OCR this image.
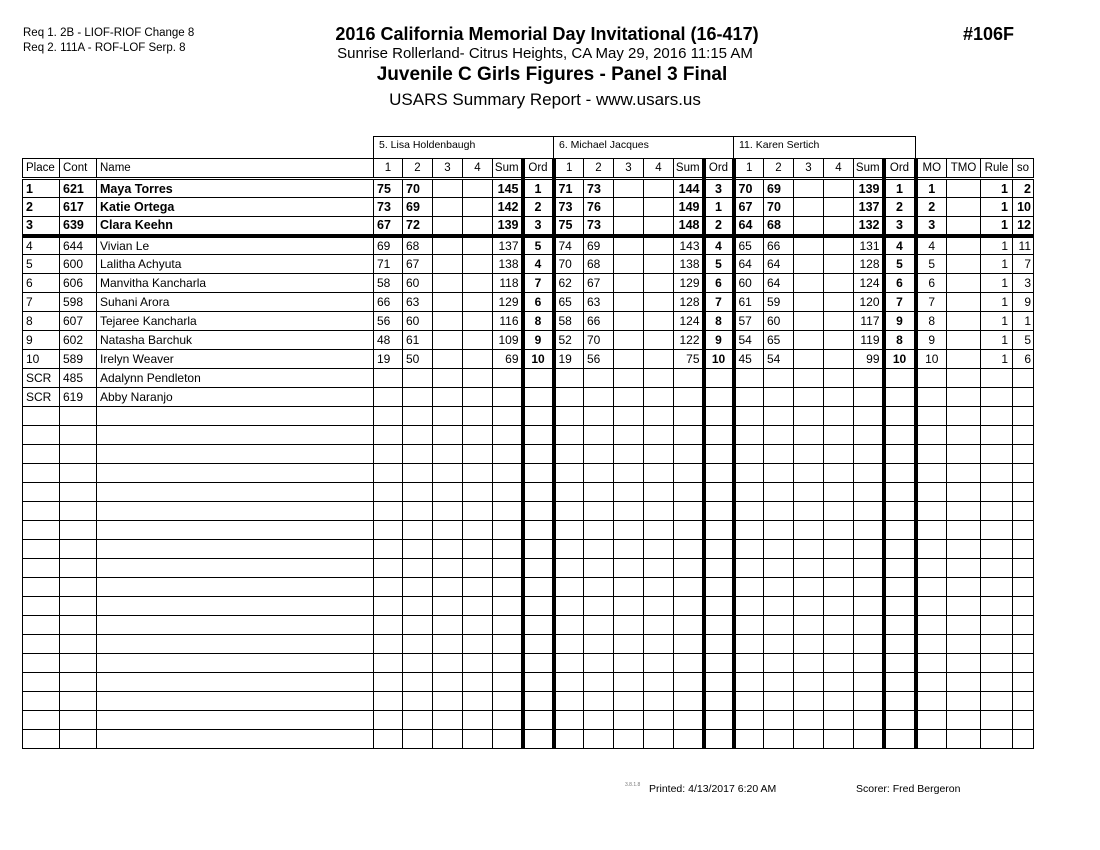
Req 1. 2B - LIOF-RIOF Change 8
Req 2. 111A - ROF-LOF Serp. 8
2016 California Memorial Day Invitational (16-417)
Sunrise Rollerland- Citrus Heights, CA May 29, 2016 11:15 AM
Juvenile C Girls Figures - Panel 3 Final
USARS Summary Report - www.usars.us
#106F
5. Lisa Holdenbaugh	6. Michael Jacques	11. Karen Sertich
Place	Cont	Name	1	2	3	4	Sum	Ord	1	2	3	4	Sum	Ord	1	2	3	4	Sum	Ord	MO	TMO	Rule	so
1	621	Maya Torres	75	70			145	1	71	73			144	3	70	69			139	1	1		1	2
2	617	Katie Ortega	73	69			142	2	73	76			149	1	67	70			137	2	2		1	10
3	639	Clara Keehn	67	72			139	3	75	73			148	2	64	68			132	3	3		1	12
4	644	Vivian Le	69	68			137	5	74	69			143	4	65	66			131	4	4		1	11
5	600	Lalitha Achyuta	71	67			138	4	70	68			138	5	64	64			128	5	5		1	7
6	606	Manvitha Kancharla	58	60			118	7	62	67			129	6	60	64			124	6	6		1	3
7	598	Suhani Arora	66	63			129	6	65	63			128	7	61	59			120	7	7		1	9
8	607	Tejaree Kancharla	56	60			116	8	58	66			124	8	57	60			117	9	8		1	1
9	602	Natasha Barchuk	48	61			109	9	52	70			122	9	54	65			119	8	9		1	5
10	589	Irelyn Weaver	19	50			69	10	19	56			75	10	45	54			99	10	10		1	6
SCR	485	Adalynn Pendleton																						
SCR	619	Abby Naranjo																						

3.8.1.8 Printed: 4/13/2017 6:20 AM	Scorer: Fred Bergeron
